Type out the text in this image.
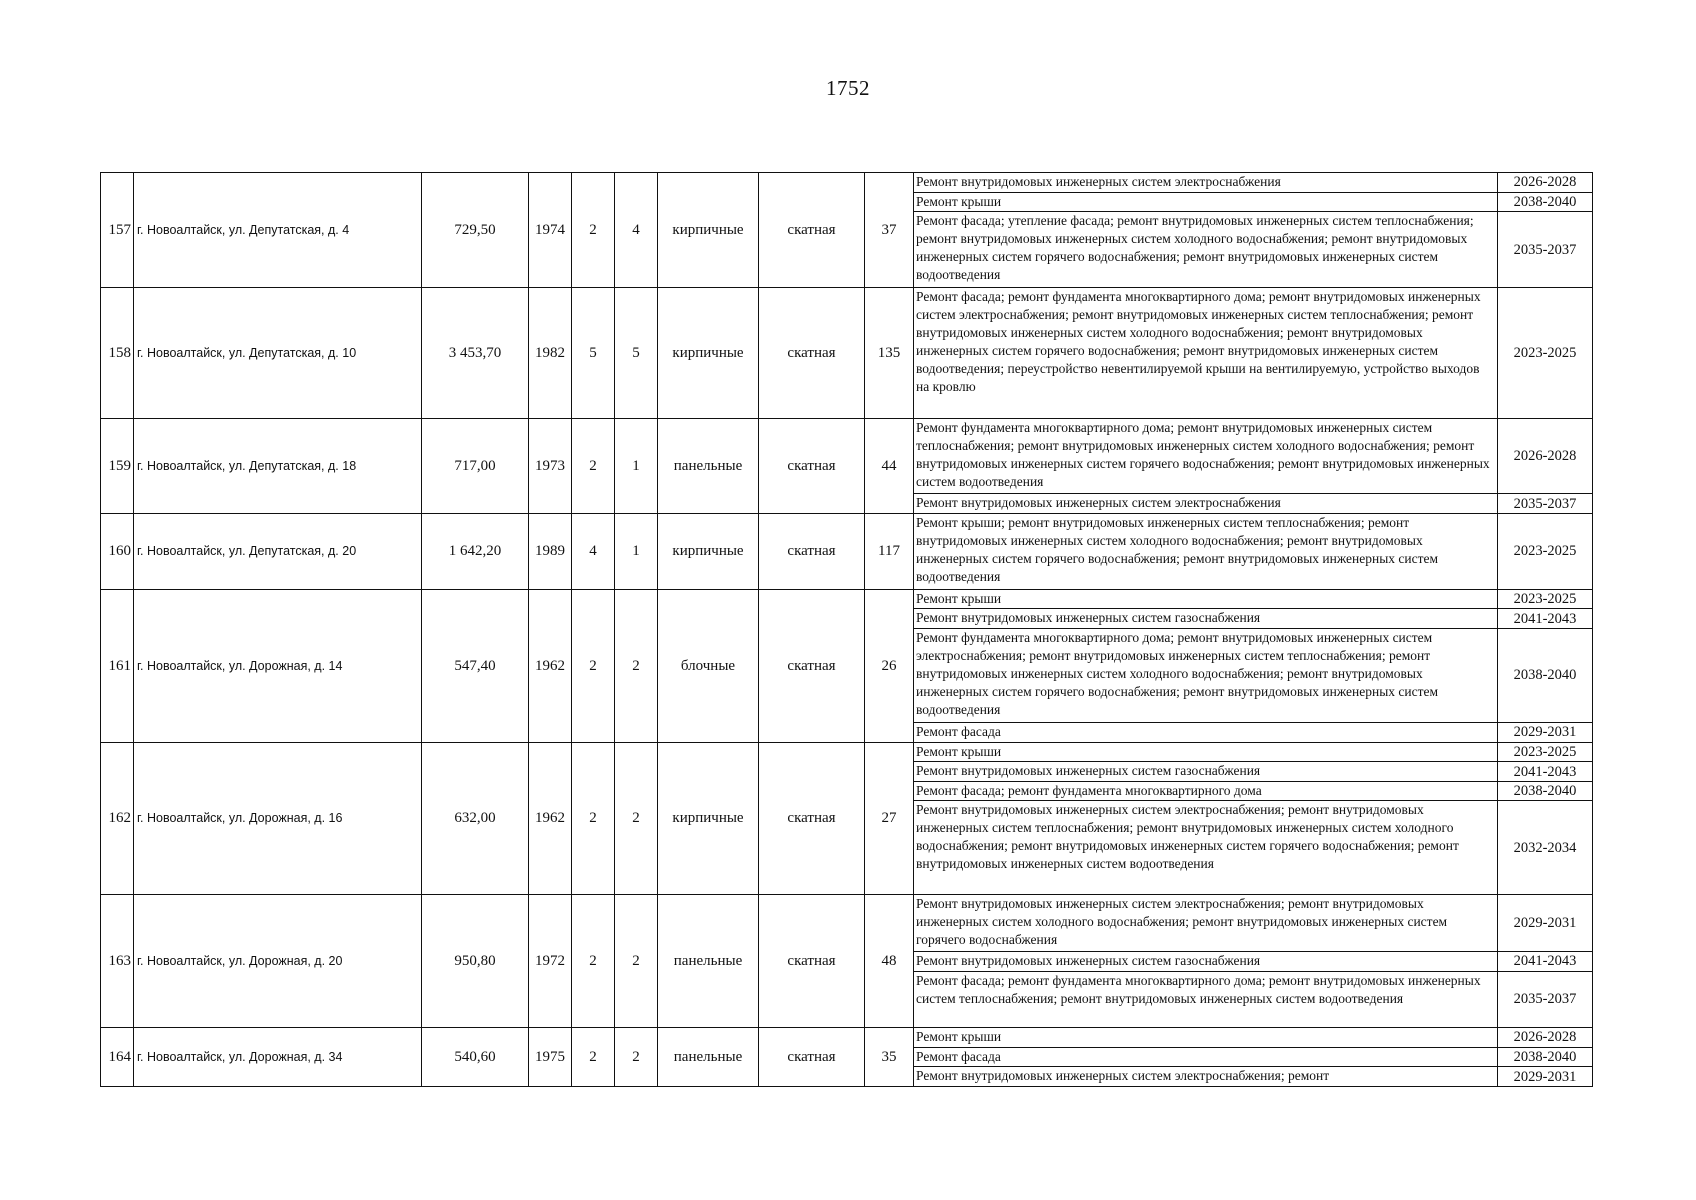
1752
157	г. Новоалтайск, ул. Депутатская, д. 4	729,50	1974	2	4	кирпичные	скатная	37	Ремонт внутридомовых инженерных систем электроснабжения	2026-2028
									Ремонт крыши	2038-2040
									Ремонт фасада; утепление фасада; ремонт внутридомовых инженерных систем теплоснабжения; ремонт внутридомовых инженерных систем холодного водоснабжения; ремонт внутридомовых инженерных систем горячего водоснабжения; ремонт внутридомовых инженерных систем водоотведения	2035-2037
158	г. Новоалтайск, ул. Депутатская, д. 10	3 453,70	1982	5	5	кирпичные	скатная	135	Ремонт фасада; ремонт фундамента многоквартирного дома; ремонт внутридомовых инженерных систем электроснабжения; ремонт внутридомовых инженерных систем теплоснабжения; ремонт внутридомовых инженерных систем холодного водоснабжения; ремонт внутридомовых инженерных систем горячего водоснабжения; ремонт внутридомовых инженерных систем водоотведения; переустройство невентилируемой крыши на вентилируемую, устройство выходов на кровлю	2023-2025
159	г. Новоалтайск, ул. Депутатская, д. 18	717,00	1973	2	1	панельные	скатная	44	Ремонт фундамента многоквартирного дома; ремонт внутридомовых инженерных систем теплоснабжения; ремонт внутридомовых инженерных систем холодного водоснабжения; ремонт внутридомовых инженерных систем горячего водоснабжения; ремонт внутридомовых инженерных систем водоотведения	2026-2028
									Ремонт внутридомовых инженерных систем электроснабжения	2035-2037
160	г. Новоалтайск, ул. Депутатская, д. 20	1 642,20	1989	4	1	кирпичные	скатная	117	Ремонт крыши; ремонт внутридомовых инженерных систем теплоснабжения; ремонт внутридомовых инженерных систем холодного водоснабжения; ремонт внутридомовых инженерных систем горячего водоснабжения; ремонт внутридомовых инженерных систем водоотведения	2023-2025
161	г. Новоалтайск, ул. Дорожная, д. 14	547,40	1962	2	2	блочные	скатная	26	Ремонт крыши	2023-2025
									Ремонт внутридомовых инженерных систем газоснабжения	2041-2043
									Ремонт фундамента многоквартирного дома; ремонт внутридомовых инженерных систем электроснабжения; ремонт внутридомовых инженерных систем теплоснабжения; ремонт внутридомовых инженерных систем холодного водоснабжения; ремонт внутридомовых инженерных систем горячего водоснабжения; ремонт внутридомовых инженерных систем водоотведения	2038-2040
									Ремонт фасада	2029-2031
162	г. Новоалтайск, ул. Дорожная, д. 16	632,00	1962	2	2	кирпичные	скатная	27	Ремонт крыши	2023-2025
									Ремонт внутридомовых инженерных систем газоснабжения	2041-2043
									Ремонт фасада; ремонт фундамента многоквартирного дома	2038-2040
									Ремонт внутридомовых инженерных систем электроснабжения; ремонт внутридомовых инженерных систем теплоснабжения; ремонт внутридомовых инженерных систем холодного водоснабжения; ремонт внутридомовых инженерных систем горячего водоснабжения; ремонт внутридомовых инженерных систем водоотведения	2032-2034
163	г. Новоалтайск, ул. Дорожная, д. 20	950,80	1972	2	2	панельные	скатная	48	Ремонт внутридомовых инженерных систем электроснабжения; ремонт внутридомовых инженерных систем холодного водоснабжения; ремонт внутридомовых инженерных систем горячего водоснабжения	2029-2031
									Ремонт внутридомовых инженерных систем газоснабжения	2041-2043
									Ремонт фасада; ремонт фундамента многоквартирного дома; ремонт внутридомовых инженерных систем теплоснабжения; ремонт внутридомовых инженерных систем водоотведения	2035-2037
164	г. Новоалтайск, ул. Дорожная, д. 34	540,60	1975	2	2	панельные	скатная	35	Ремонт крыши	2026-2028
									Ремонт фасада	2038-2040
									Ремонт внутридомовых инженерных систем электроснабжения; ремонт	2029-2031
